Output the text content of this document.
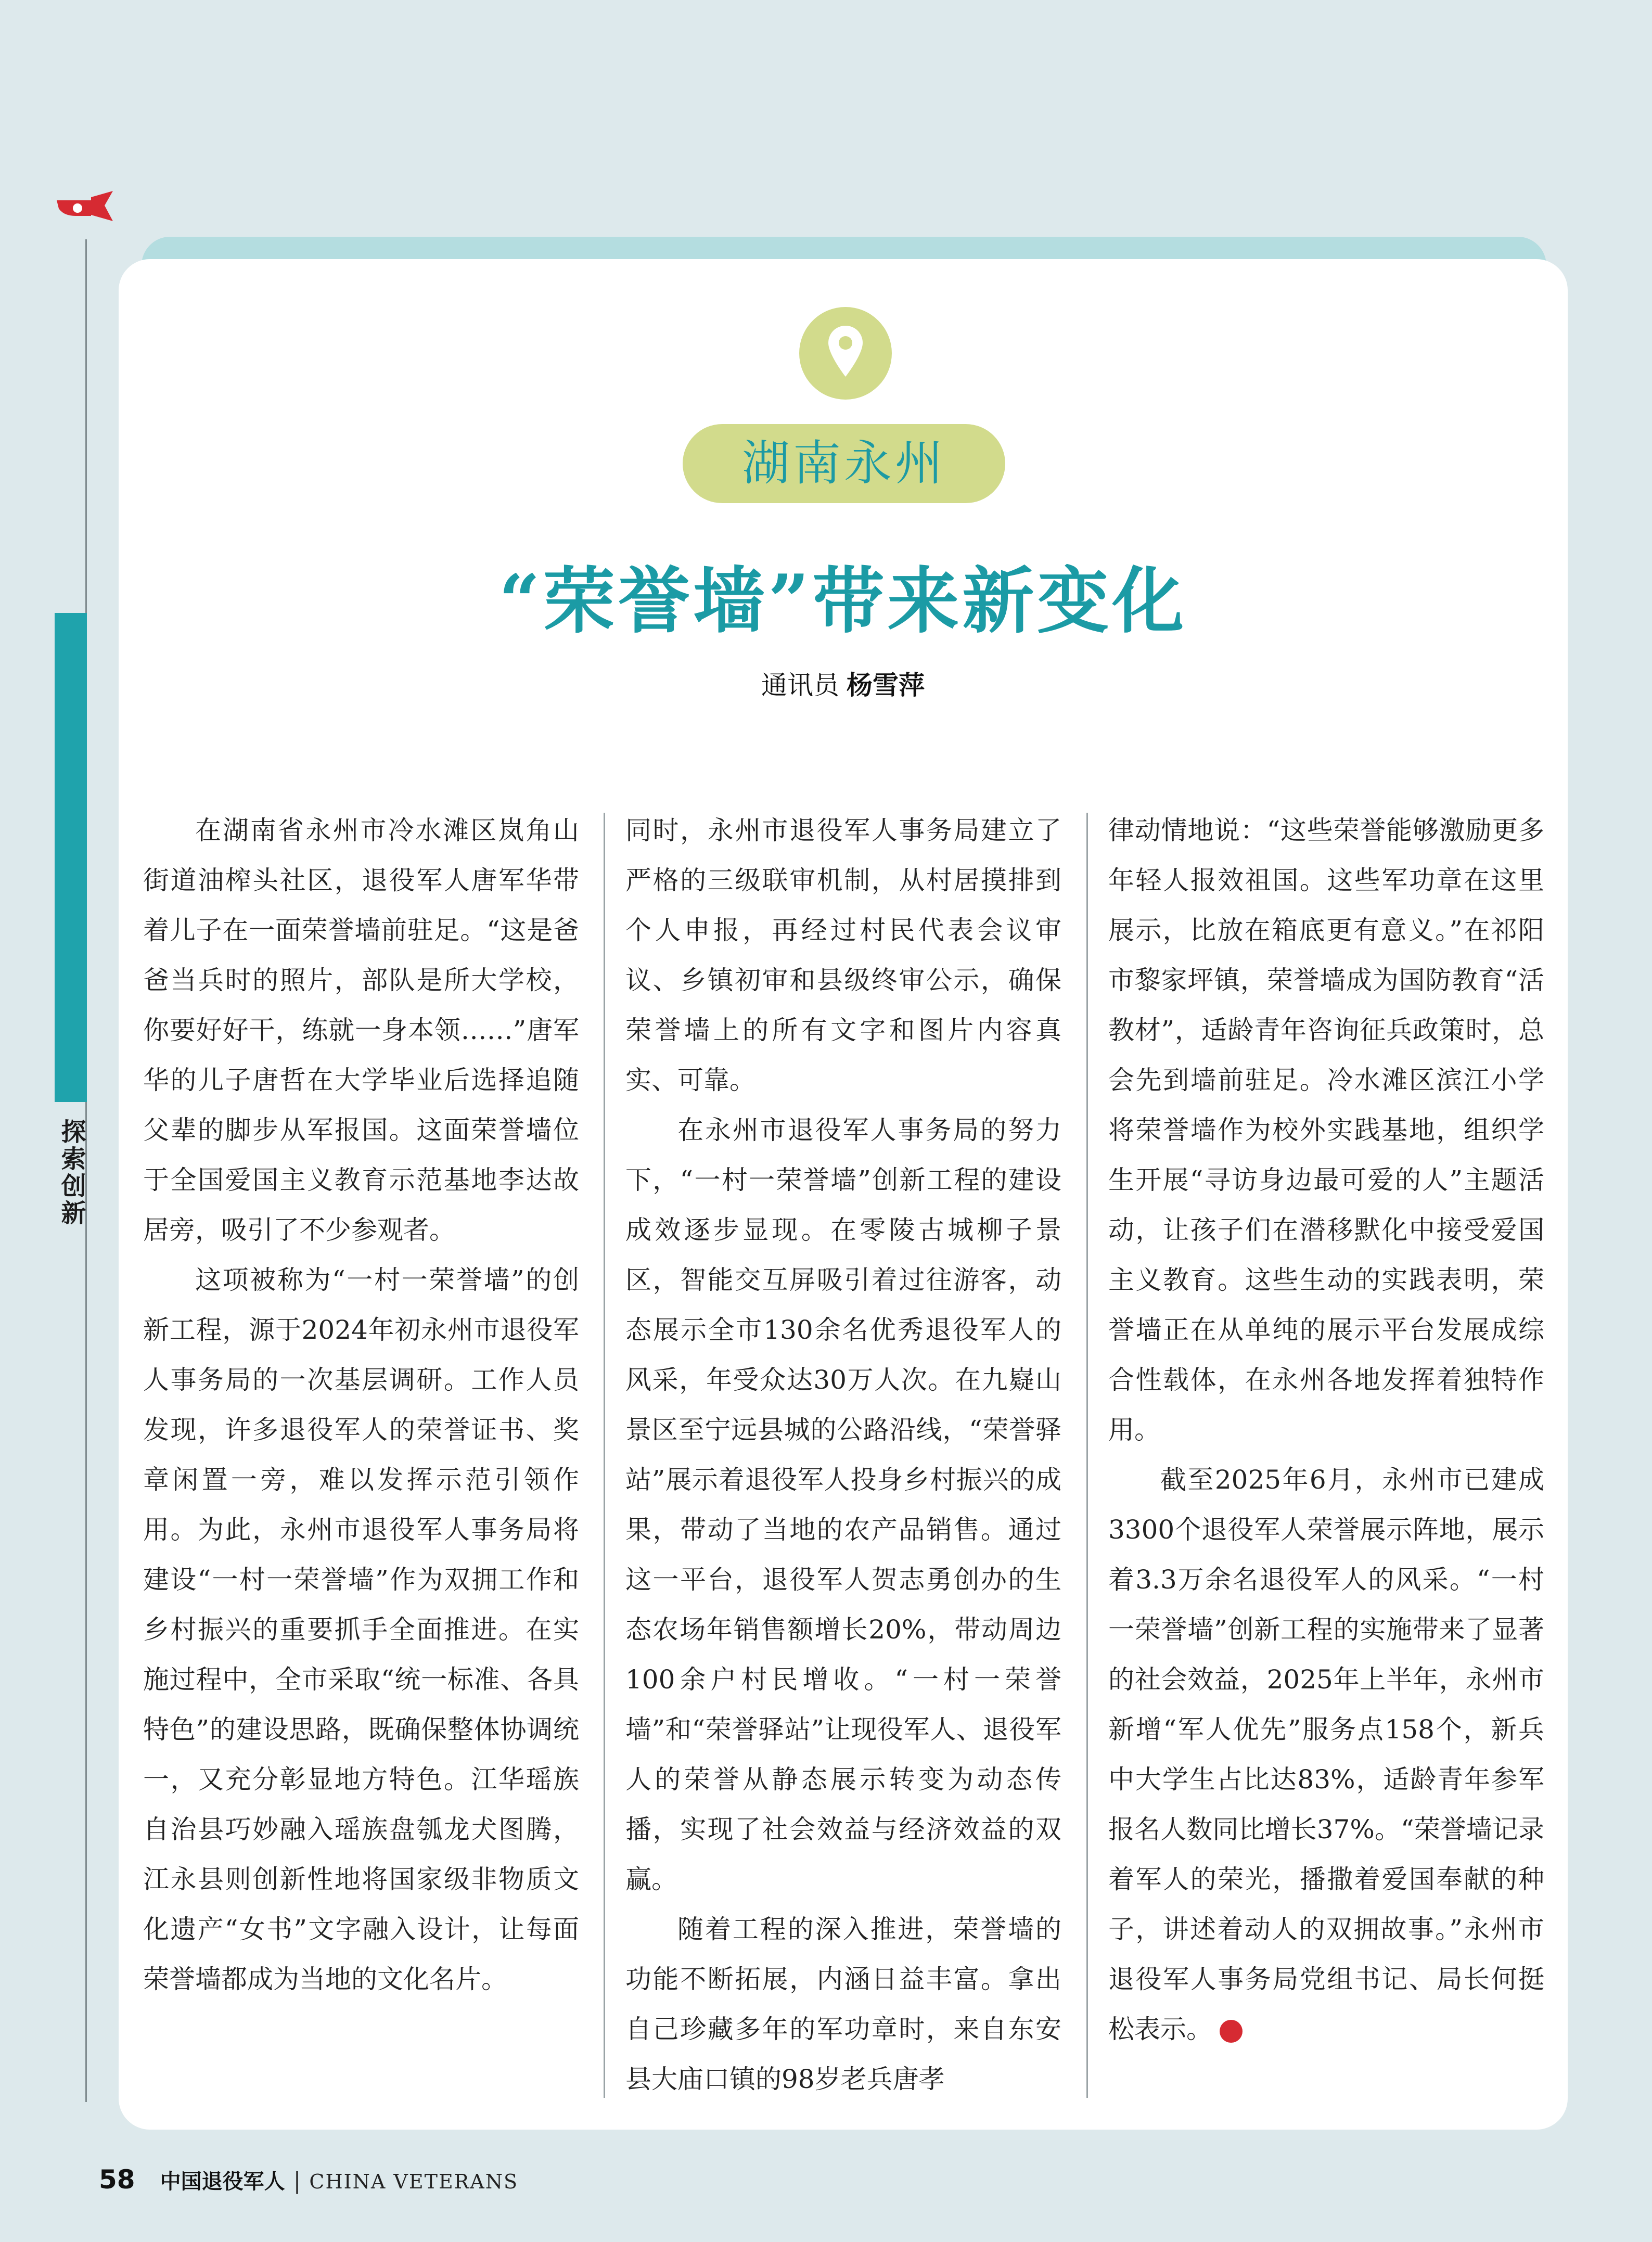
探索创新
湖南永州
“荣誉墙”带来新变化
通讯员 杨雪萍

在湖南省永州市冷水滩区岚角山街道油榨头社区，退役军人唐军华带着儿子在一面荣誉墙前驻足。“这是爸爸当兵时的照片，部队是所大学校，你要好好干，练就一身本领……”唐军华的儿子唐哲在大学毕业后选择追随父辈的脚步从军报国。这面荣誉墙位于全国爱国主义教育示范基地李达故居旁，吸引了不少参观者。

这项被称为“一村一荣誉墙”的创新工程，源于2024年初永州市退役军人事务局的一次基层调研。工作人员发现，许多退役军人的荣誉证书、奖章闲置一旁，难以发挥示范引领作用。为此，永州市退役军人事务局将建设“一村一荣誉墙”作为双拥工作和乡村振兴的重要抓手全面推进。在实施过程中，全市采取“统一标准、各具特色”的建设思路，既确保整体协调统一，又充分彰显地方特色。江华瑶族自治县巧妙融入瑶族盘瓠龙犬图腾，江永县则创新性地将国家级非物质文化遗产“女书”文字融入设计，让每面荣誉墙都成为当地的文化名片。

同时，永州市退役军人事务局建立了严格的三级联审机制，从村居摸排到个人申报，再经过村民代表会议审议、乡镇初审和县级终审公示，确保荣誉墙上的所有文字和图片内容真实、可靠。

在永州市退役军人事务局的努力下，“一村一荣誉墙”创新工程的建设成效逐步显现。在零陵古城柳子景区，智能交互屏吸引着过往游客，动态展示全市130余名优秀退役军人的风采，年受众达30万人次。在九嶷山景区至宁远县城的公路沿线，“荣誉驿站”展示着退役军人投身乡村振兴的成果，带动了当地的农产品销售。通过这一平台，退役军人贺志勇创办的生态农场年销售额增长20%，带动周边100余户村民增收。“一村一荣誉墙”和“荣誉驿站”让现役军人、退役军人的荣誉从静态展示转变为动态传播，实现了社会效益与经济效益的双赢。

随着工程的深入推进，荣誉墙的功能不断拓展，内涵日益丰富。拿出自己珍藏多年的军功章时，来自东安县大庙口镇的98岁老兵唐孝

律动情地说：“这些荣誉能够激励更多年轻人报效祖国。这些军功章在这里展示，比放在箱底更有意义。”在祁阳市黎家坪镇，荣誉墙成为国防教育“活教材”，适龄青年咨询征兵政策时，总会先到墙前驻足。冷水滩区滨江小学将荣誉墙作为校外实践基地，组织学生开展“寻访身边最可爱的人”主题活动，让孩子们在潜移默化中接受爱国主义教育。这些生动的实践表明，荣誉墙正在从单纯的展示平台发展成综合性载体，在永州各地发挥着独特作用。

截至2025年6月，永州市已建成3300个退役军人荣誉展示阵地，展示着3.3万余名退役军人的风采。“一村一荣誉墙”创新工程的实施带来了显著的社会效益，2025年上半年，永州市新增“军人优先”服务点158个，新兵中大学生占比达83%，适龄青年参军报名人数同比增长37%。“荣誉墙记录着军人的荣光，播撒着爱国奉献的种子，讲述着动人的双拥故事。”永州市退役军人事务局党组书记、局长何挺松表示。	V

58 中国退役军人 | CHINA VETERANS
